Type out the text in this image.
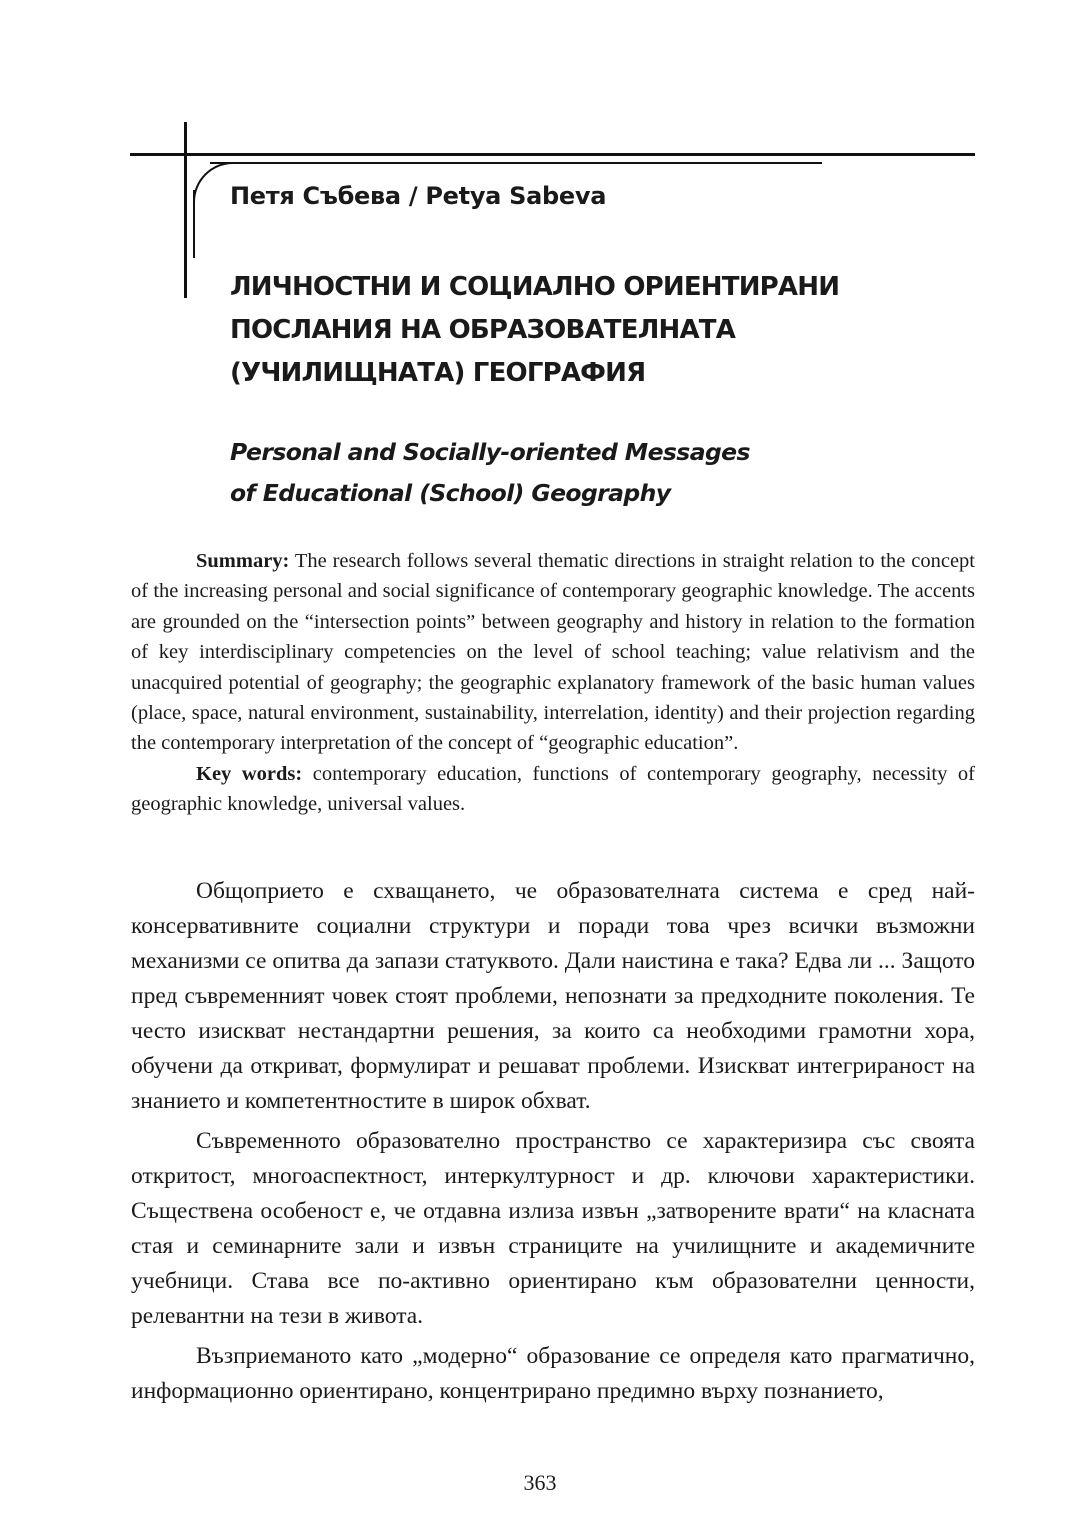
Петя Събева / Petya Sabeva
ЛИЧНОСТНИ И СОЦИАЛНО ОРИЕНТИРАНИ
ПОСЛАНИЯ НА ОБРАЗОВАТЕЛНАТА
(УЧИЛИЩНАТА) ГЕОГРАФИЯ
Personal and Socially-oriented Messages
of Educational (School) Geography

Summary: The research follows several thematic directions in straight relation to the concept of the increasing personal and social significance of contemporary geographic knowledge. The accents are grounded on the “intersection points” between geography and history in relation to the formation of key interdisciplinary competencies on the level of school teaching; value relativism and the unacquired potential of geography; the geographic explanatory framework of the basic human values (place, space, natural environment, sustainability, interrelation, identity) and their projection regarding the contemporary interpretation of the concept of “geographic education”.

Key words: contemporary education, functions of contemporary geography, necessity of geographic knowledge, universal values.

Общоприето е схващането, че образователната система е сред най-консервативните социални структури и поради това чрез всички възможни механизми се опитва да запази статуквото. Дали наистина е така? Едва ли ... Защото пред съвременният човек стоят проблеми, непознати за предходните поколения. Те често изискват нестандартни решения, за които са необходими грамотни хора, обучени да откриват, формулират и решават проблеми. Изискват интегрираност на знанието и компетентностите в широк обхват.

Съвременното образователно пространство се характеризира със своята откритост, многоаспектност, интеркултурност и др. ключови характеристики. Съществена особеност е, че отдавна излиза извън „затворените врати“ на класната стая и семинарните зали и извън страниците на училищните и академичните учебници. Става все по-активно ориентирано към образователни ценности, релевантни на тези в живота.

Възприеманото като „модерно“ образование се определя като прагматично, информационно ориентирано, концентрирано предимно върху познанието,

363
